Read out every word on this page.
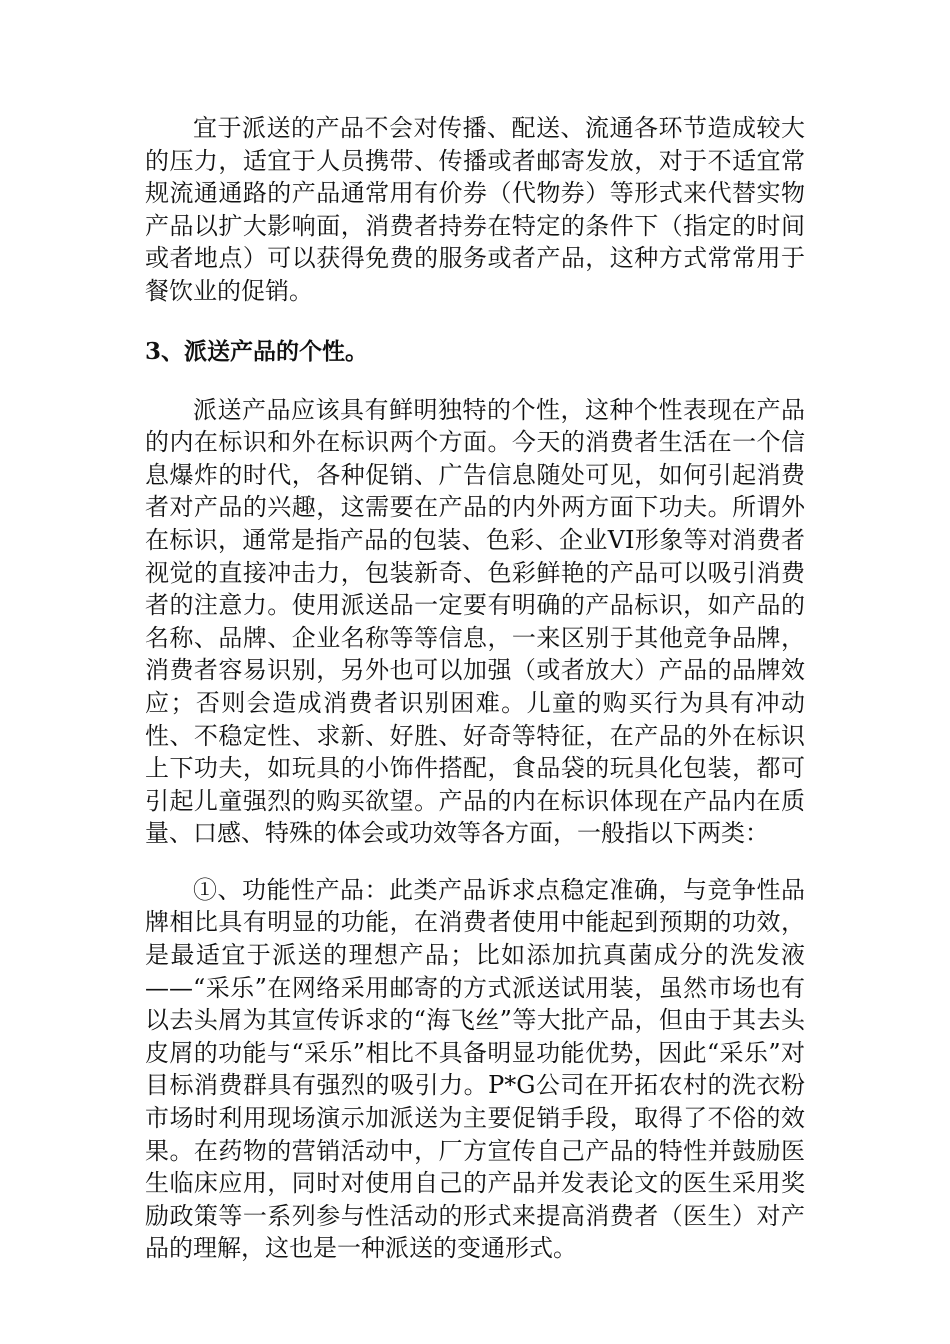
宜于派送的产品不会对传播、配送、流通各环节造成较大的压力，适宜于人员携带、传播或者邮寄发放，对于不适宜常规流通通路的产品通常用有价券（代物券）等形式来代替实物产品以扩大影响面，消费者持券在特定的条件下（指定的时间或者地点）可以获得免费的服务或者产品，这种方式常常用于餐饮业的促销。

3、派送产品的个性。

派送产品应该具有鲜明独特的个性，这种个性表现在产品的内在标识和外在标识两个方面。今天的消费者生活在一个信息爆炸的时代，各种促销、广告信息随处可见，如何引起消费者对产品的兴趣，这需要在产品的内外两方面下功夫。所谓外在标识，通常是指产品的包装、色彩、企业VI形象等对消费者视觉的直接冲击力，包装新奇、色彩鲜艳的产品可以吸引消费者的注意力。使用派送品一定要有明确的产品标识，如产品的名称、品牌、企业名称等等信息，一来区别于其他竞争品牌，消费者容易识别，另外也可以加强（或者放大）产品的品牌效应；否则会造成消费者识别困难。儿童的购买行为具有冲动性、不稳定性、求新、好胜、好奇等特征，在产品的外在标识上下功夫，如玩具的小饰件搭配，食品袋的玩具化包装，都可引起儿童强烈的购买欲望。产品的内在标识体现在产品内在质量、口感、特殊的体会或功效等各方面，一般指以下两类：

①、功能性产品：此类产品诉求点稳定准确，与竞争性品牌相比具有明显的功能，在消费者使用中能起到预期的功效，是最适宜于派送的理想产品；比如添加抗真菌成分的洗发液——“采乐”在网络采用邮寄的方式派送试用装，虽然市场也有以去头屑为其宣传诉求的“海飞丝”等大批产品，但由于其去头皮屑的功能与“采乐”相比不具备明显功能优势，因此“采乐”对目标消费群具有强烈的吸引力。P*G公司在开拓农村的洗衣粉市场时利用现场演示加派送为主要促销手段，取得了不俗的效果。在药物的营销活动中，厂方宣传自己产品的特性并鼓励医生临床应用，同时对使用自己的产品并发表论文的医生采用奖励政策等一系列参与性活动的形式来提高消费者（医生）对产品的理解，这也是一种派送的变通形式。
